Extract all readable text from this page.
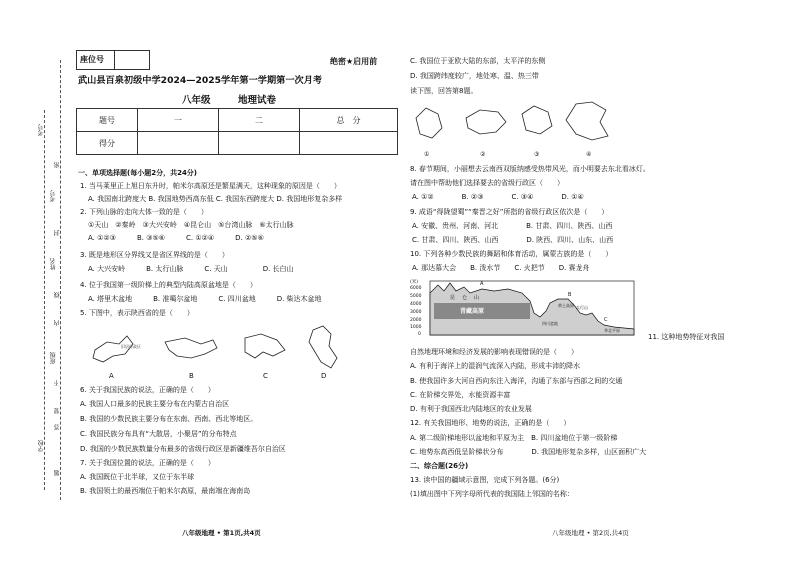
考号
考号
姓名
班级
学校
密
封
线
内
不
要
答
题
座位号	绝密★启用前
武山县百泉初级中学2024—2025学年第一学期第一次月考
八年级	地理试卷
题号	一	二	总　分
得分			
一、单项选择题(每小题2分，共24分)
1. 当马莱里正上旭日东升时，帕米尔高原还是繁星满天，这种现象的原因是（　　）
A. 我国南北跨度大 B. 我国地势西高东低 C. 我国东西跨度大 D. 我国地形复杂多样
2. 下列山脉的走向大体一致的是（　　）
①天山　②秦岭　③大兴安岭　④昆仑山　⑤台湾山脉　⑥太行山脉
A. ①②③　　　B. ③⑤⑥　　　C. ①②④　　　D. ②⑤⑥
3. 既是地形区分界线又是省区界线的是（　　）
A. 大兴安岭　　　B. 太行山脉　　　C. 天山　　　　　D. 长白山
4. 位于我国第一级阶梯上的典型内陆高原盆地是（　　）
A. 塔里木盆地　　　B. 准噶尔盆地　　　C. 四川盆地　　　D. 柴达木盆地
5. 下图中，表示陕西省的是（　　）
A	B	C	D
旧居行政区
6. 关于我国民族的说法，正确的是（　　）
A. 我国人口最多的民族主要分布在内蒙古自治区
B. 我国的少数民族主要分布在东南、西南、西北等地区。
C. 我国民族分布具有“大散居，小聚居”的分布特点
D. 我国的少数民族数量分布最多的省级行政区是新疆维吾尔自治区
7. 关于我国位置的说法，正确的是（　　）
A. 我国既位于北半球，又位于东半球
B. 我国领土的最西端位于帕米尔高原，最南端在海南岛
C. 我国位于亚欧大陆的东部，太平洋的东侧
D. 我国跨纬度较广，地处寒、温、热三带
读下图，回答第8题。
①	②	③	④
8. 春节期间，小丽想去云南西双版纳感受热带风光，而小明要去东北看冰灯。
请在图中帮助他们选择要去的省级行政区（　　）
A. ①②　　　　B. ②③　　　　C. ③④　　　　D. ①④
9. 成语“得陇望蜀”“秦晋之好”所指的省级行政区依次是（　　）
A. 安徽、贵州、河南、河北　　　　B. 甘肃、四川、陕西、山西
C. 甘肃、四川、陕西、山西　　　　D. 陕西、四川、山东、山西
10. 下列各种少数民族的舞蹈和体育活动，属蒙古族的是（　　）
A. 那达慕大会　　B. 泼水节　　C. 火把节　　D. 赛龙舟
(米)
6000
5000
4000
3000
2000
1000
0
A
B
C
昆 仑 山
青藏高原
四川盆地
黄土高原
华北平原
太行山
11. 这种地势特征对我国
自然地理环境和经济发展的影响表现错误的是（　　）
A. 有利于海洋上的湿润气流深入内陆，形成丰沛的降水
B. 使我国许多大河自西向东注入海洋，沟通了东部与西部之间的交通
C. 在阶梯交界处，水能资源丰富
D. 有利于我国西北内陆地区的农业发展
12. 有关我国地形、地势的说法，正确的是（　　）
A. 第二级阶梯地形以盆地和平原为主　B. 四川盆地位于第一级阶梯
C. 地势东高西低呈阶梯状分布　　　　D. 我国地形复杂多样，山区面积广大
二、综合题(26分)
13. 读中国的疆域示意图，完成下列各题。(6分)
(1)填出图中下列字母所代表的我国陆上邻国的名称：
八年级地理 • 第1页,共4页	八年级地理 • 第2页,共4页
